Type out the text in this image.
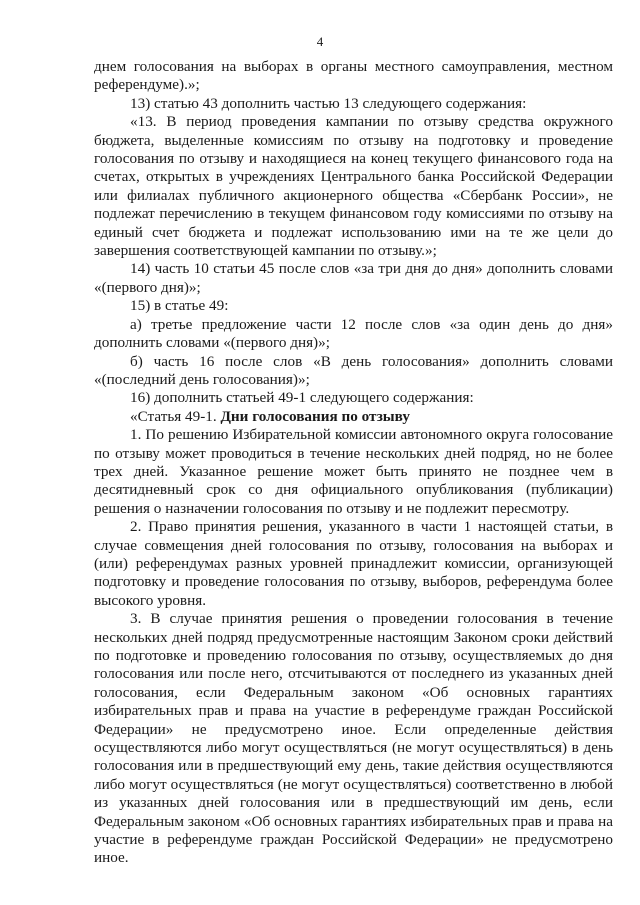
4

днем голосования на выборах в органы местного самоуправления, местном референдуме).»;

13) статью 43 дополнить частью 13 следующего содержания:

«13. В период проведения кампании по отзыву средства окружного бюджета, выделенные комиссиям по отзыву на подготовку и проведение голосования по отзыву и находящиеся на конец текущего финансового года на счетах, открытых в учреждениях Центрального банка Российской Федерации или филиалах публичного акционерного общества «Сбербанк России», не подлежат перечислению в текущем финансовом году комиссиями по отзыву на единый счет бюджета и подлежат использованию ими на те же цели до завершения соответствующей кампании по отзыву.»;

14) часть 10 статьи 45 после слов «за три дня до дня» дополнить словами «(первого дня)»;

15) в статье 49:

а) третье предложение части 12 после слов «за один день до дня» дополнить словами «(первого дня)»;

б) часть 16 после слов «В день голосования» дополнить словами «(последний день голосования)»;

16) дополнить статьей 49-1 следующего содержания:

«Статья 49-1. Дни голосования по отзыву

1. По решению Избирательной комиссии автономного округа голосование по отзыву может проводиться в течение нескольких дней подряд, но не более трех дней. Указанное решение может быть принято не позднее чем в десятидневный срок со дня официального опубликования (публикации) решения о назначении голосования по отзыву и не подлежит пересмотру.

2. Право принятия решения, указанного в части 1 настоящей статьи, в случае совмещения дней голосования по отзыву, голосования на выборах и (или) референдумах разных уровней принадлежит комиссии, организующей подготовку и проведение голосования по отзыву, выборов, референдума более высокого уровня.

3. В случае принятия решения о проведении голосования в течение нескольких дней подряд предусмотренные настоящим Законом сроки действий по подготовке и проведению голосования по отзыву, осуществляемых до дня голосования или после него, отсчитываются от последнего из указанных дней голосования, если Федеральным законом «Об основных гарантиях избирательных прав и права на участие в референдуме граждан Российской Федерации» не предусмотрено иное. Если определенные действия осуществляются либо могут осуществляться (не могут осуществляться) в день голосования или в предшествующий ему день, такие действия осуществляются либо могут осуществляться (не могут осуществляться) соответственно в любой из указанных дней голосования или в предшествующий им день, если Федеральным законом «Об основных гарантиях избирательных прав и права на участие в референдуме граждан Российской Федерации» не предусмотрено иное.
